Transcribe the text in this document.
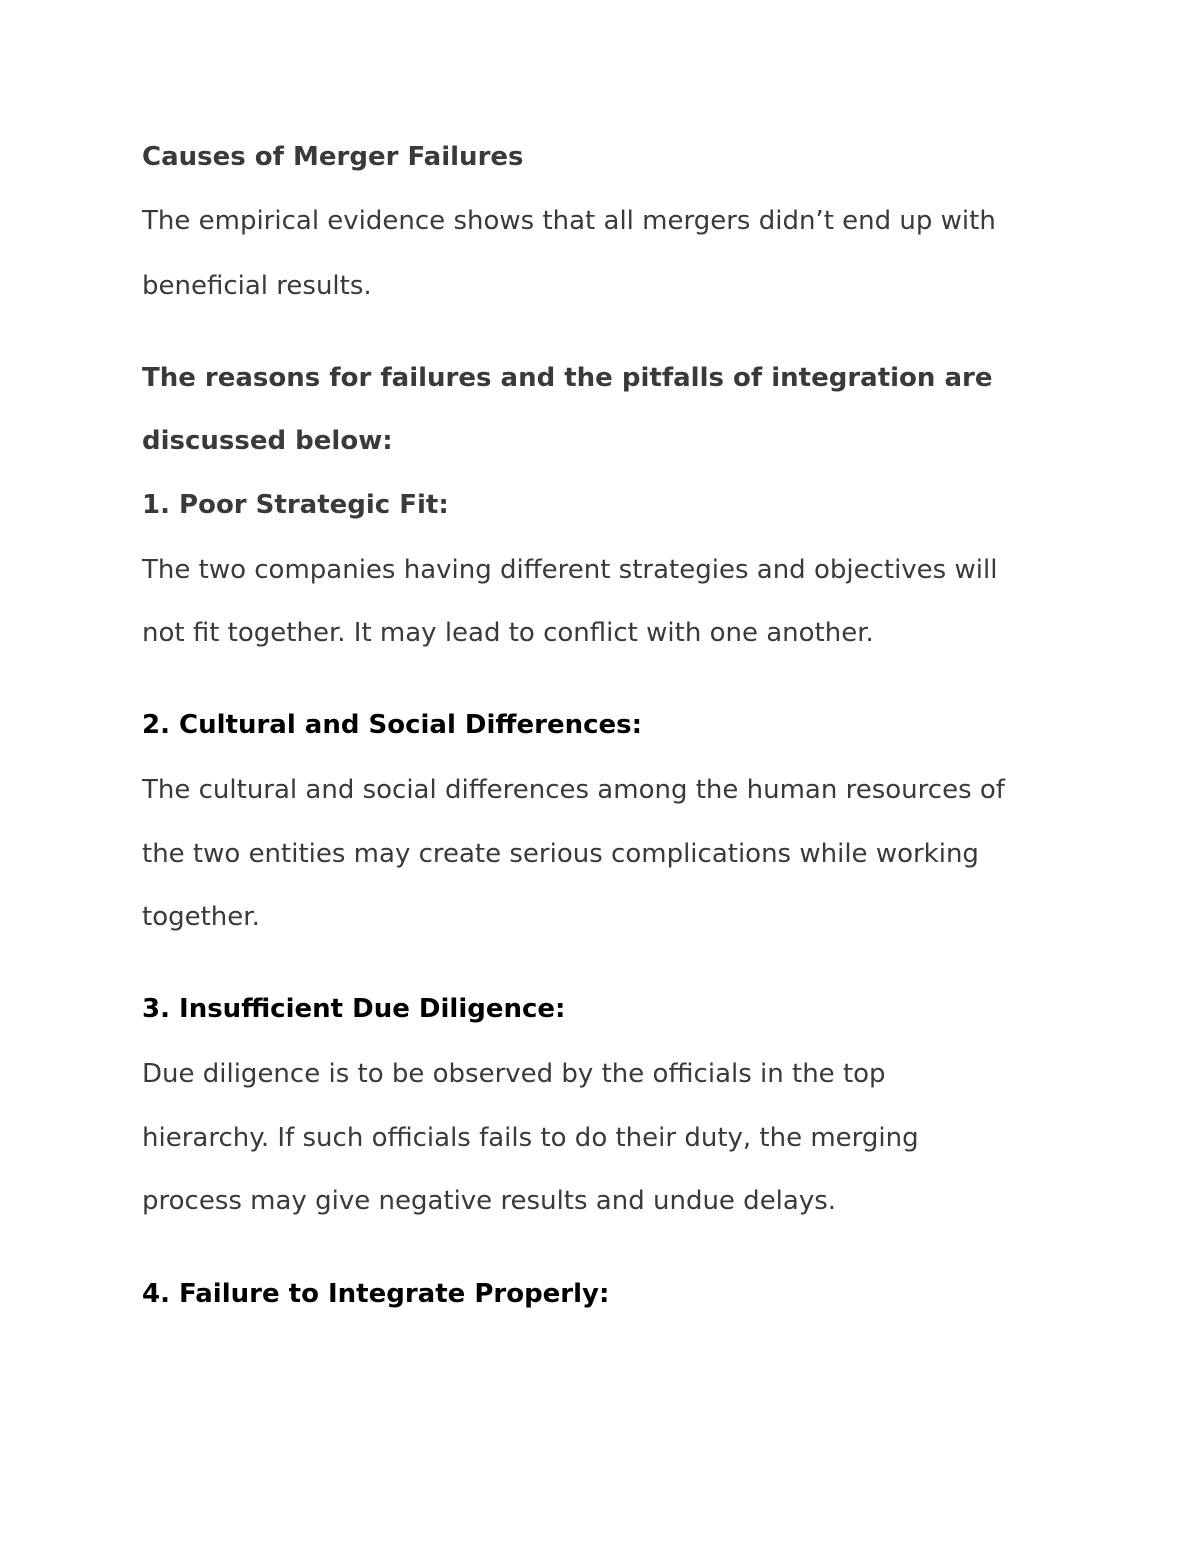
Causes of Merger Failures

The empirical evidence shows that all mergers didn’t end up with

beneficial results.

The reasons for failures and the pitfalls of integration are

discussed below:

1. Poor Strategic Fit:

The two companies having different strategies and objectives will

not fit together. It may lead to conflict with one another.

2. Cultural and Social Differences:

The cultural and social differences among the human resources of

the two entities may create serious complications while working

together.

3. Insufficient Due Diligence:

Due diligence is to be observed by the officials in the top

hierarchy. If such officials fails to do their duty, the merging

process may give negative results and undue delays.

4. Failure to Integrate Properly:
